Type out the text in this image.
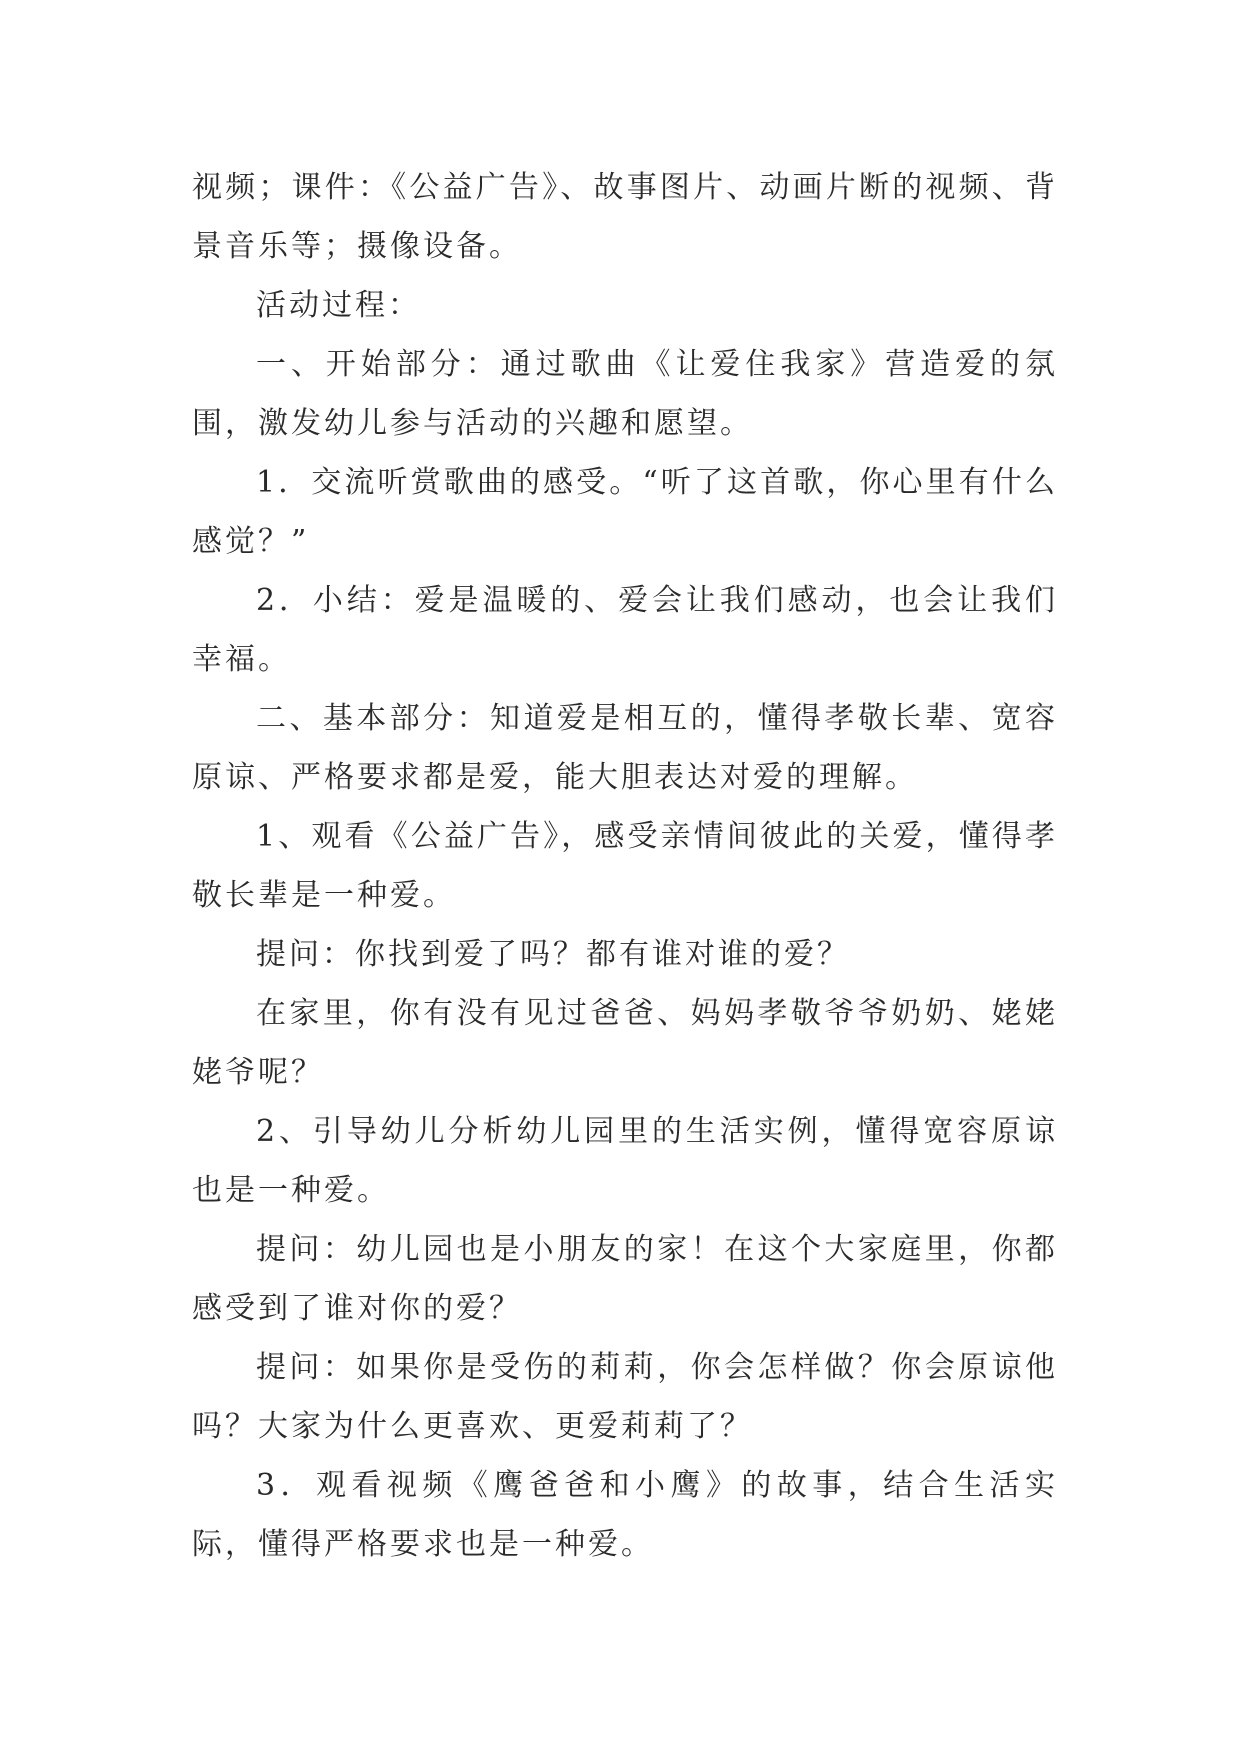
视频；课件：《公益广告》、故事图片、动画片断的视频、背景音乐等；摄像设备。

活动过程：

一、开始部分：通过歌曲《让爱住我家》营造爱的氛围，激发幼儿参与活动的兴趣和愿望。

1．交流听赏歌曲的感受。“听了这首歌，你心里有什么感觉？”

2．小结：爱是温暖的、爱会让我们感动，也会让我们幸福。

二、基本部分：知道爱是相互的，懂得孝敬长辈、宽容原谅、严格要求都是爱，能大胆表达对爱的理解。

1、观看《公益广告》，感受亲情间彼此的关爱，懂得孝敬长辈是一种爱。

提问：你找到爱了吗？都有谁对谁的爱？

在家里，你有没有见过爸爸、妈妈孝敬爷爷奶奶、姥姥姥爷呢？

2、引导幼儿分析幼儿园里的生活实例，懂得宽容原谅也是一种爱。

提问：幼儿园也是小朋友的家！在这个大家庭里，你都感受到了谁对你的爱？

提问：如果你是受伤的莉莉，你会怎样做？你会原谅他吗？大家为什么更喜欢、更爱莉莉了？

3．观看视频《鹰爸爸和小鹰》的故事，结合生活实际，懂得严格要求也是一种爱。
